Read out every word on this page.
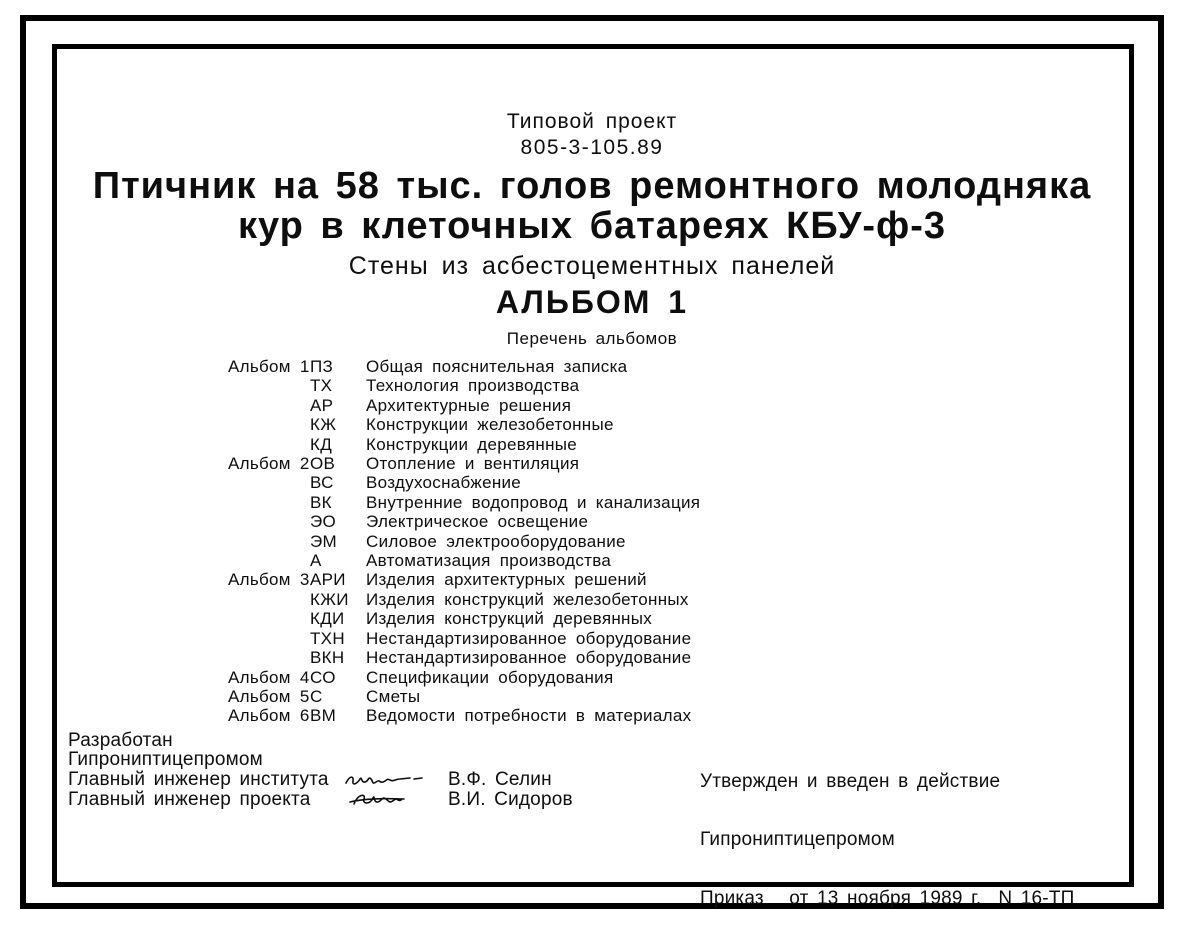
Типовой проект
805-3-105.89
Птичник на 58 тыс. голов ремонтного молодняка
кур в клеточных батареях КБУ-ф-3
Стены из асбестоцементных панелей
АЛЬБОМ 1
Перечень альбомов
Альбом 1 ПЗ	Общая пояснительная записка
ТХ	Технология производства
АР	Архитектурные решения
КЖ	Конструкции железобетонные
КД	Конструкции деревянные
Альбом 2 ОВ	Отопление и вентиляция
ВС	Воздухоснабжение
ВК	Внутренние водопровод и канализация
ЭО	Электрическое освещение
ЭМ	Силовое электрооборудование
А	Автоматизация производства
Альбом 3 АРИ	Изделия архитектурных решений
КЖИ	Изделия конструкций железобетонных
КДИ	Изделия конструкций деревянных
ТХН	Нестандартизированное оборудование
ВКН	Нестандартизированное оборудование
Альбом 4 СО	Спецификации оборудования
Альбом 5 С	Сметы
Альбом 6 ВМ	Ведомости потребности в материалах
Разработан
Гипрониптицепромом
Главный инженер института	В.Ф. Селин
Главный инженер проекта	В.И. Сидоров

Утвержден и введен в действие

Гипрониптицепромом

Приказ   от 13 ноября 1989 г.  N 16-ТП
